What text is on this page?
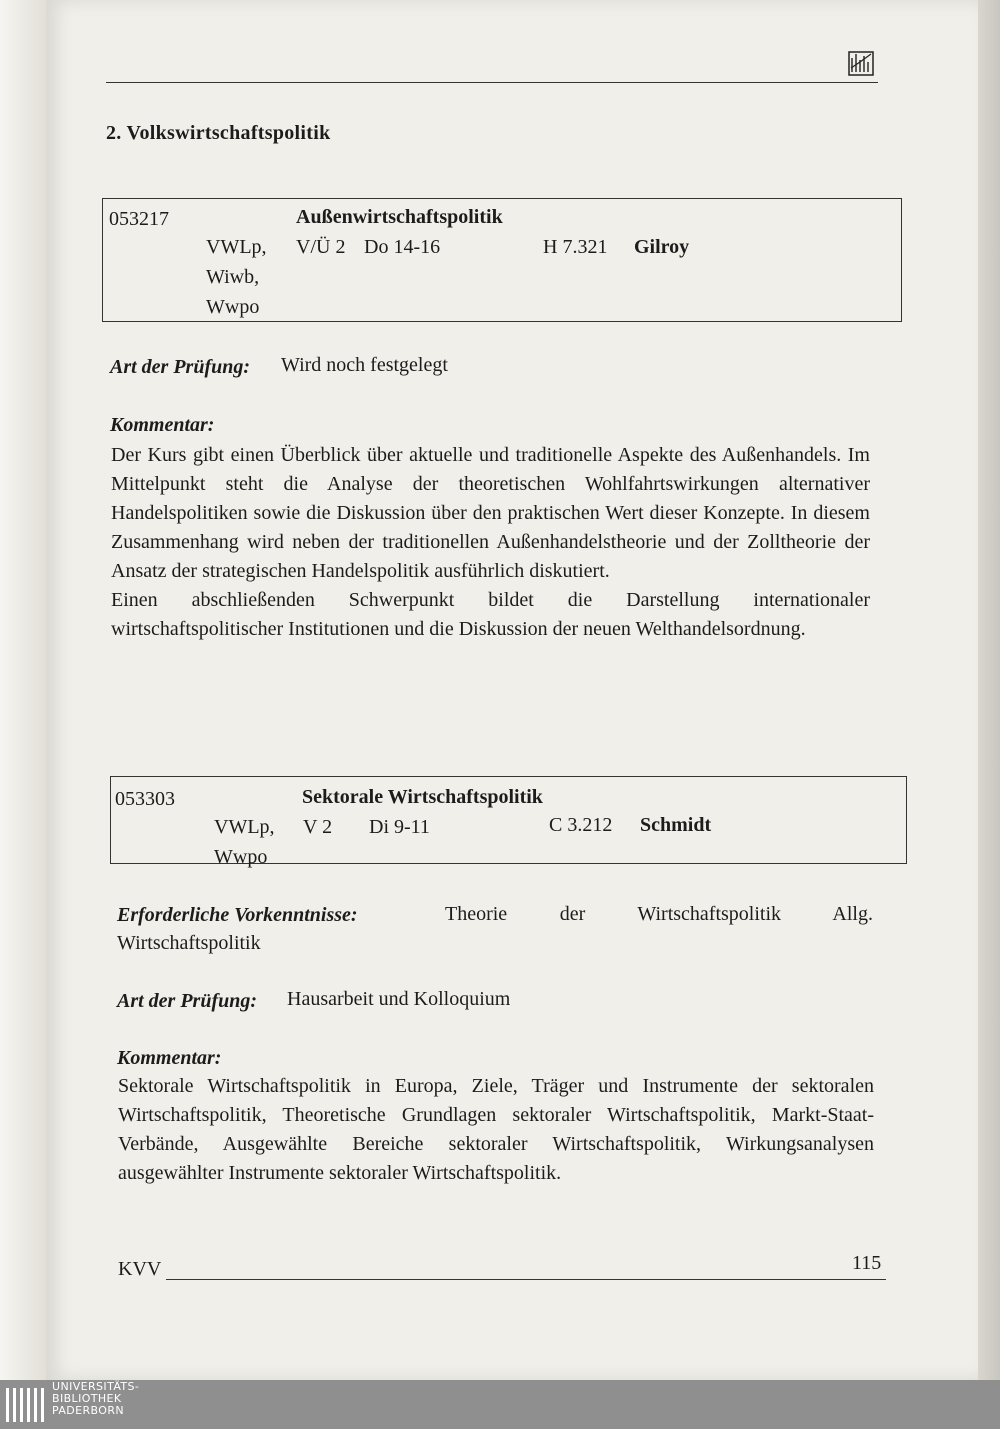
2. Volkswirtschaftspolitik
053217	Außenwirtschaftspolitik
VWLp,
Wiwb,
Wwpo
V/Ü 2 Do 14-16	H 7.321 Gilroy
Art der Prüfung: Wird noch festgelegt
Kommentar:

Der Kurs gibt einen Überblick über aktuelle und traditionelle Aspekte des Außenhandels. Im Mittelpunkt steht die Analyse der theoretischen Wohlfahrtswirkungen alternativer Handelspolitiken sowie die Diskussion über den praktischen Wert dieser Konzepte. In diesem Zusammenhang wird neben der traditionellen Außenhandelstheorie und der Zolltheorie der Ansatz der strategischen Handelspolitik ausführlich diskutiert.

Einen abschließenden Schwerpunkt bildet die Darstellung internationaler wirtschaftspolitischer Institutionen und die Diskussion der neuen Welthandelsordnung.

053303	Sektorale Wirtschaftspolitik
VWLp,
Wwpo
V 2 Di 9-11	C 3.212 Schmidt
Erforderliche Vorkenntnisse:	Theorie der Wirtschaftspolitik Allg. Wirtschaftspolitik
Art der Prüfung: Hausarbeit und Kolloquium
Kommentar:

Sektorale Wirtschaftspolitik in Europa, Ziele, Träger und Instrumente der sektoralen Wirtschaftspolitik, Theoretische Grundlagen sektoraler Wirtschaftspolitik, Markt-Staat-Verbände, Ausgewählte Bereiche sektoraler Wirtschaftspolitik, Wirkungsanalysen ausgewählter Instrumente sektoraler Wirtschaftspolitik.

KVV	115
UNIVERSITÄTS-
BIBLIOTHEK
PADERBORN
